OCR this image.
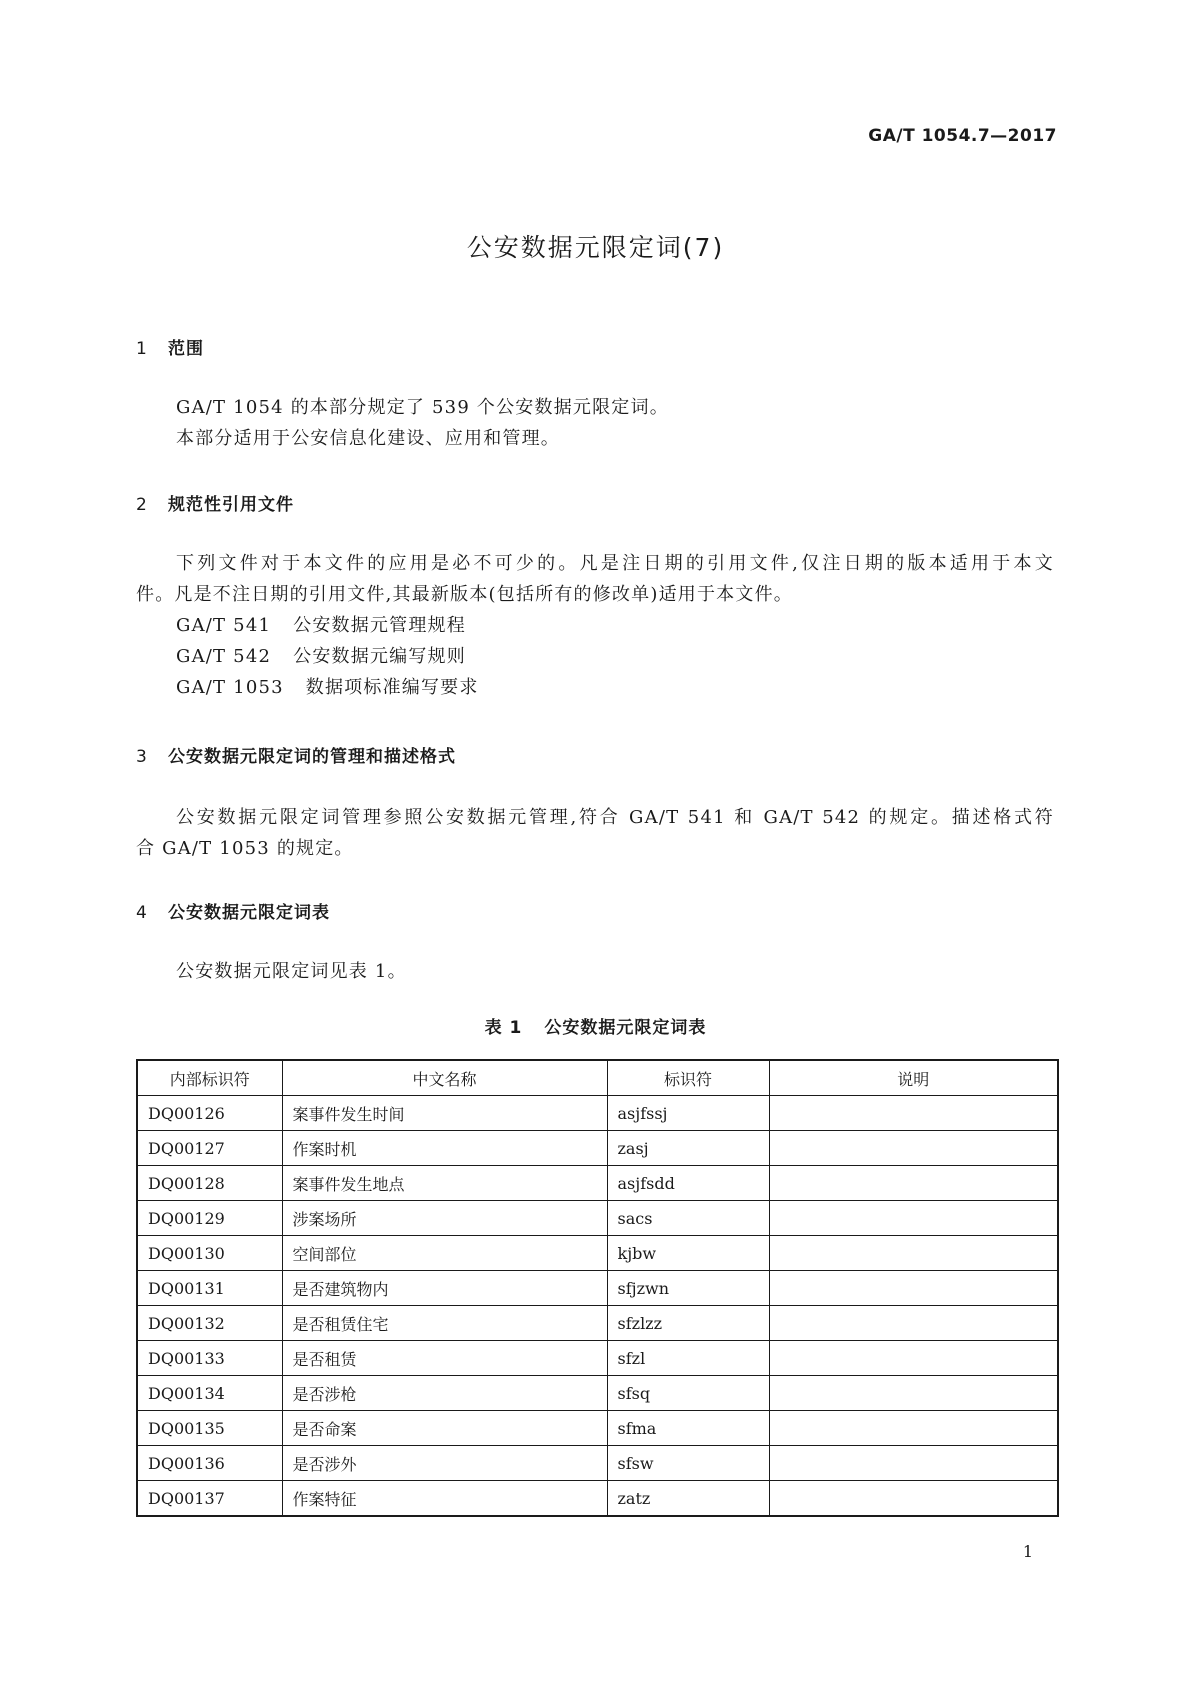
GA/T 1054.7—2017
公安数据元限定词(7)
1 范围
GA/T 1054 的本部分规定了 539 个公安数据元限定词。
本部分适用于公安信息化建设、应用和管理。
2 规范性引用文件
下列文件对于本文件的应用是必不可少的。凡是注日期的引用文件,仅注日期的版本适用于本文
件。凡是不注日期的引用文件,其最新版本(包括所有的修改单)适用于本文件。
GA/T 541 公安数据元管理规程
GA/T 542 公安数据元编写规则
GA/T 1053 数据项标准编写要求
3 公安数据元限定词的管理和描述格式
公安数据元限定词管理参照公安数据元管理,符合 GA/T 541 和 GA/T 542 的规定。描述格式符
合 GA/T 1053 的规定。
4 公安数据元限定词表
公安数据元限定词见表 1。
表 1 公安数据元限定词表
内部标识符	中文名称	标识符	说明
DQ00126	案事件发生时间	asjfssj	
DQ00127	作案时机	zasj	
DQ00128	案事件发生地点	asjfsdd	
DQ00129	涉案场所	sacs	
DQ00130	空间部位	kjbw	
DQ00131	是否建筑物内	sfjzwn	
DQ00132	是否租赁住宅	sfzlzz	
DQ00133	是否租赁	sfzl	
DQ00134	是否涉枪	sfsq	
DQ00135	是否命案	sfma	
DQ00136	是否涉外	sfsw	
DQ00137	作案特征	zatz	
1
